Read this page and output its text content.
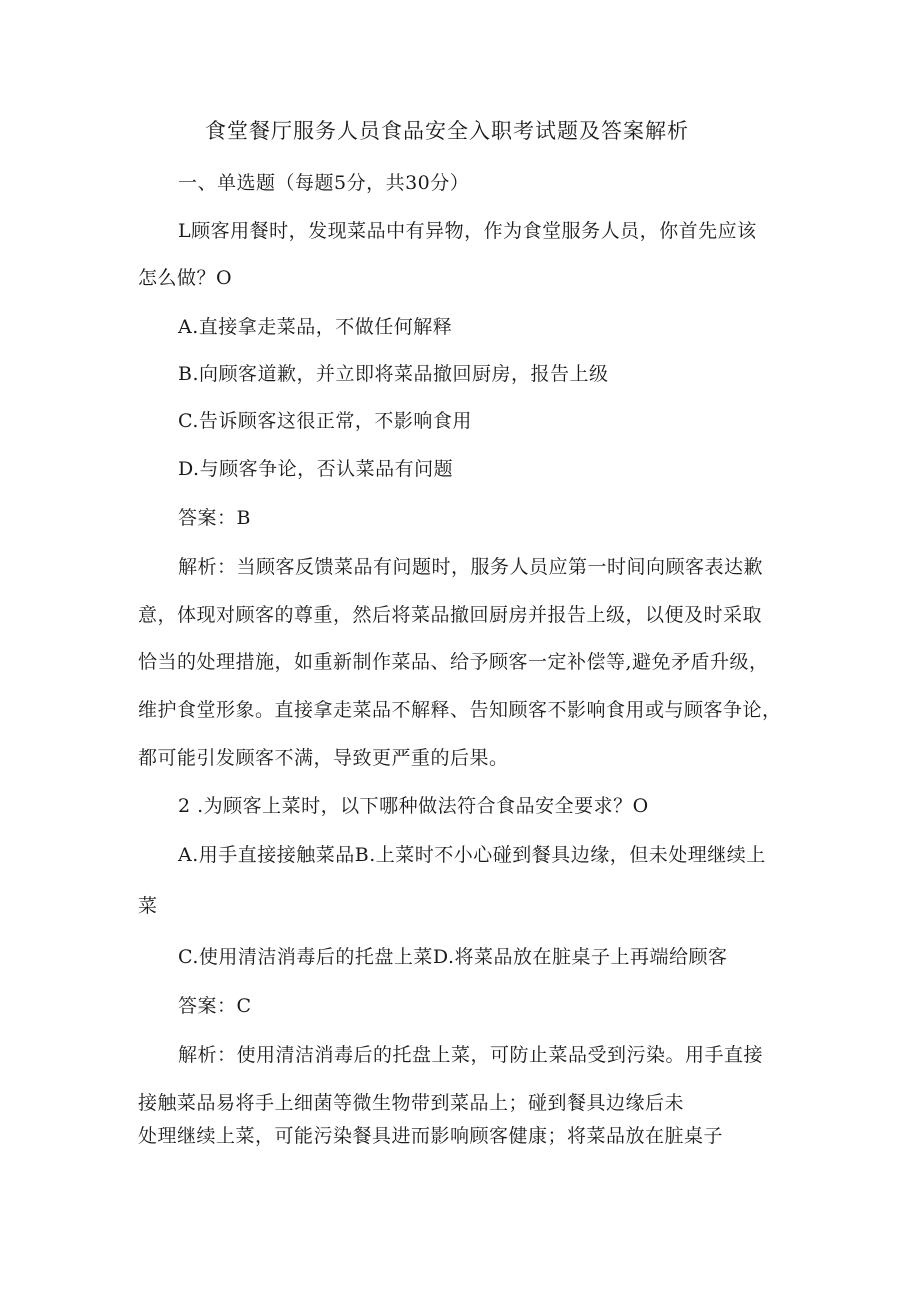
食堂餐厅服务人员食品安全入职考试题及答案解析
一、单选题（每题5分，共30分）
L顾客用餐时，发现菜品中有异物，作为食堂服务人员，你首先应该
怎么做？O
A.直接拿走菜品，不做任何解释
B.向顾客道歉，并立即将菜品撤回厨房，报告上级
C.告诉顾客这很正常，不影响食用
D.与顾客争论，否认菜品有问题
答案：B
解析：当顾客反馈菜品有问题时，服务人员应第一时间向顾客表达歉
意，体现对顾客的尊重，然后将菜品撤回厨房并报告上级，以便及时采取
恰当的处理措施，如重新制作菜品、给予顾客一定补偿等,避免矛盾升级，
维护食堂形象。直接拿走菜品不解释、告知顾客不影响食用或与顾客争论，
都可能引发顾客不满，导致更严重的后果。
2 .为顾客上菜时，以下哪种做法符合食品安全要求？O
A.用手直接接触菜品B.上菜时不小心碰到餐具边缘，但未处理继续上
菜
C.使用清洁消毒后的托盘上菜D.将菜品放在脏桌子上再端给顾客
答案：C
解析：使用清洁消毒后的托盘上菜，可防止菜品受到污染。用手直接
接触菜品易将手上细菌等微生物带到菜品上；碰到餐具边缘后未
处理继续上菜，可能污染餐具进而影响顾客健康；将菜品放在脏桌子
